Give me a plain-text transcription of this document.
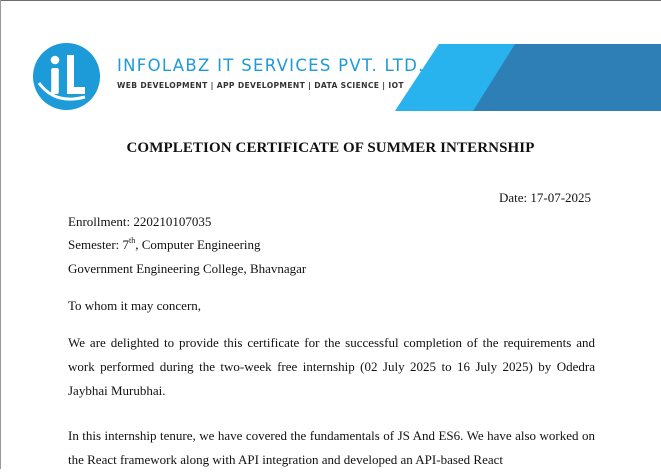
INFOLABZ IT SERVICES PVT. LTD.
WEB DEVELOPMENT | APP DEVELOPMENT | DATA SCIENCE | IOT
COMPLETION CERTIFICATE OF SUMMER INTERNSHIP
Date: 17-07-2025
Enrollment: 220210107035
Semester: 7th, Computer Engineering
Government Engineering College, Bhavnagar
To whom it may concern,
We are delighted to provide this certificate for the successful completion of the requirements and work performed during the two-week free internship (02 July 2025 to 16 July 2025) by Odedra Jaybhai Murubhai.
In this internship tenure, we have covered the fundamentals of JS And ES6. We have also worked on the React framework along with API integration and developed an API-based React
